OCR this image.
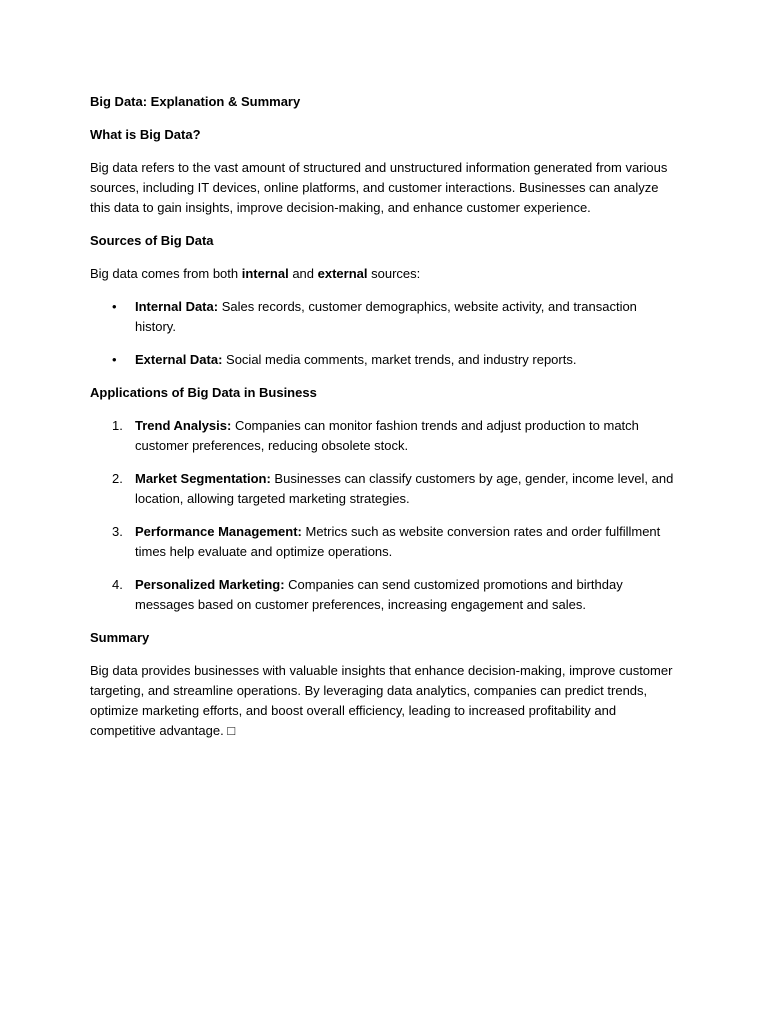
Big Data: Explanation & Summary
What is Big Data?
Big data refers to the vast amount of structured and unstructured information generated from various sources, including IT devices, online platforms, and customer interactions. Businesses can analyze this data to gain insights, improve decision-making, and enhance customer experience.
Sources of Big Data
Big data comes from both internal and external sources:
• Internal Data: Sales records, customer demographics, website activity, and transaction history.
• External Data: Social media comments, market trends, and industry reports.
Applications of Big Data in Business
1. Trend Analysis: Companies can monitor fashion trends and adjust production to match customer preferences, reducing obsolete stock.
2. Market Segmentation: Businesses can classify customers by age, gender, income level, and location, allowing targeted marketing strategies.
3. Performance Management: Metrics such as website conversion rates and order fulfillment times help evaluate and optimize operations.
4. Personalized Marketing: Companies can send customized promotions and birthday messages based on customer preferences, increasing engagement and sales.
Summary
Big data provides businesses with valuable insights that enhance decision-making, improve customer targeting, and streamline operations. By leveraging data analytics, companies can predict trends, optimize marketing efforts, and boost overall efficiency, leading to increased profitability and competitive advantage. □
